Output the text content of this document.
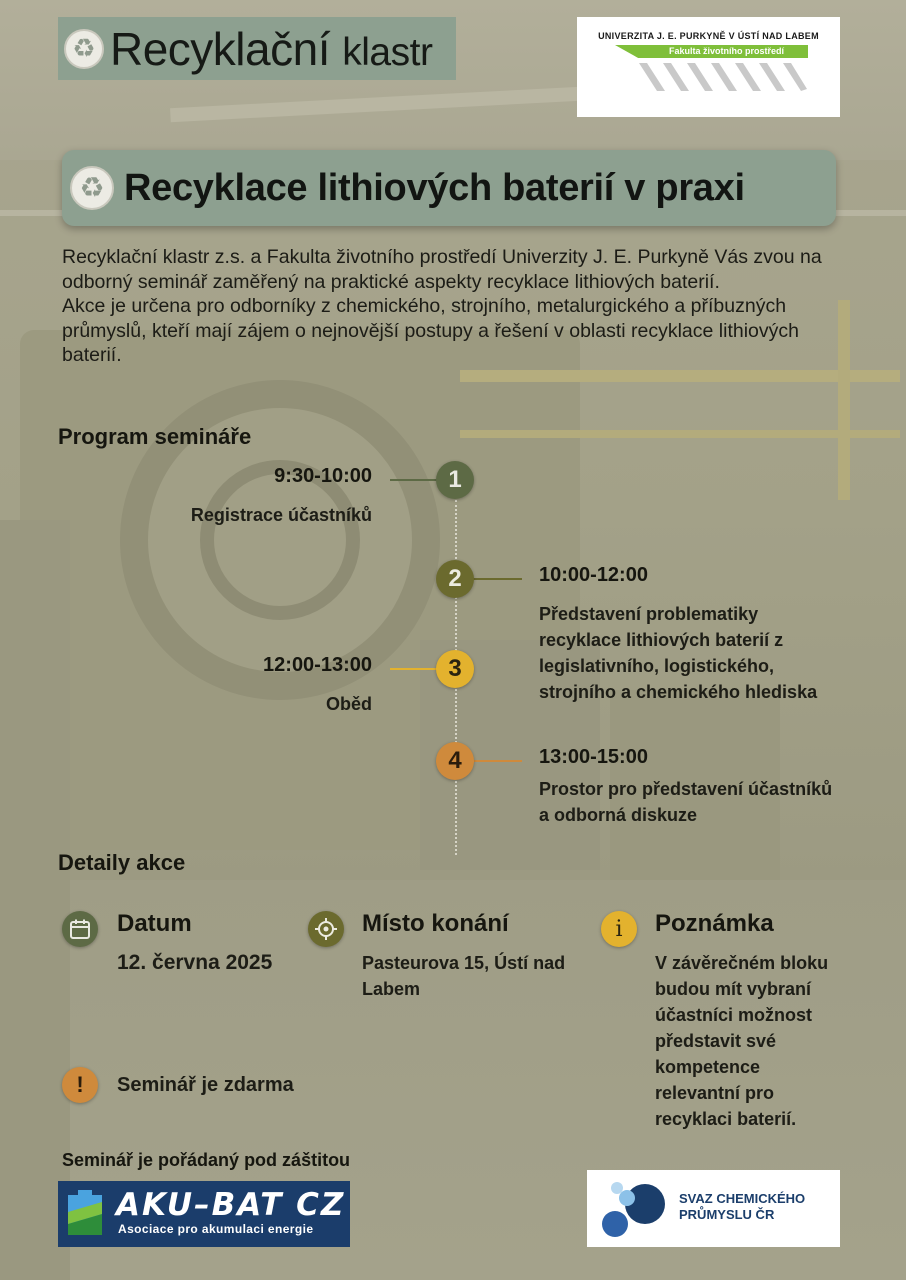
♻ Recyklační klastr	UNIVERZITA J. E. PURKYNĚ V ÚSTÍ NAD LABEM
Fakulta životního prostředí
♻ Recyklace lithiových baterií v praxi

Recyklační klastr z.s. a Fakulta životního prostředí Univerzity J. E. Purkyně Vás zvou na odborný seminář zaměřený na praktické aspekty recyklace lithiových baterií.

Akce je určena pro odborníky z chemického, strojního, metalurgického a příbuzných průmyslů, kteří mají zájem o nejnovější postupy a řešení v oblasti recyklace lithiových baterií.

Program semináře
1
9:30-10:00
Registrace účastníků
2	10:00-12:00
Představení problematiky recyklace lithiových baterií z legislativního, logistického, strojního a chemického hlediska
3
12:00-13:00
Oběd
4	13:00-15:00
Prostor pro představení účastníků a odborná diskuze
Detaily akce
Datum
12. června 2025
Místo konání
Pasteurova 15, Ústí nad Labem
i Poznámka
V závěrečném bloku budou mít vybraní účastníci možnost představit své kompetence relevantní pro recyklaci baterií.
! Seminář je zdarma
Seminář je pořádaný pod záštitou
AKU–BAT CZ
Asociace pro akumulaci energie
SVAZ CHEMICKÉHO
PRŮMYSLU ČR
